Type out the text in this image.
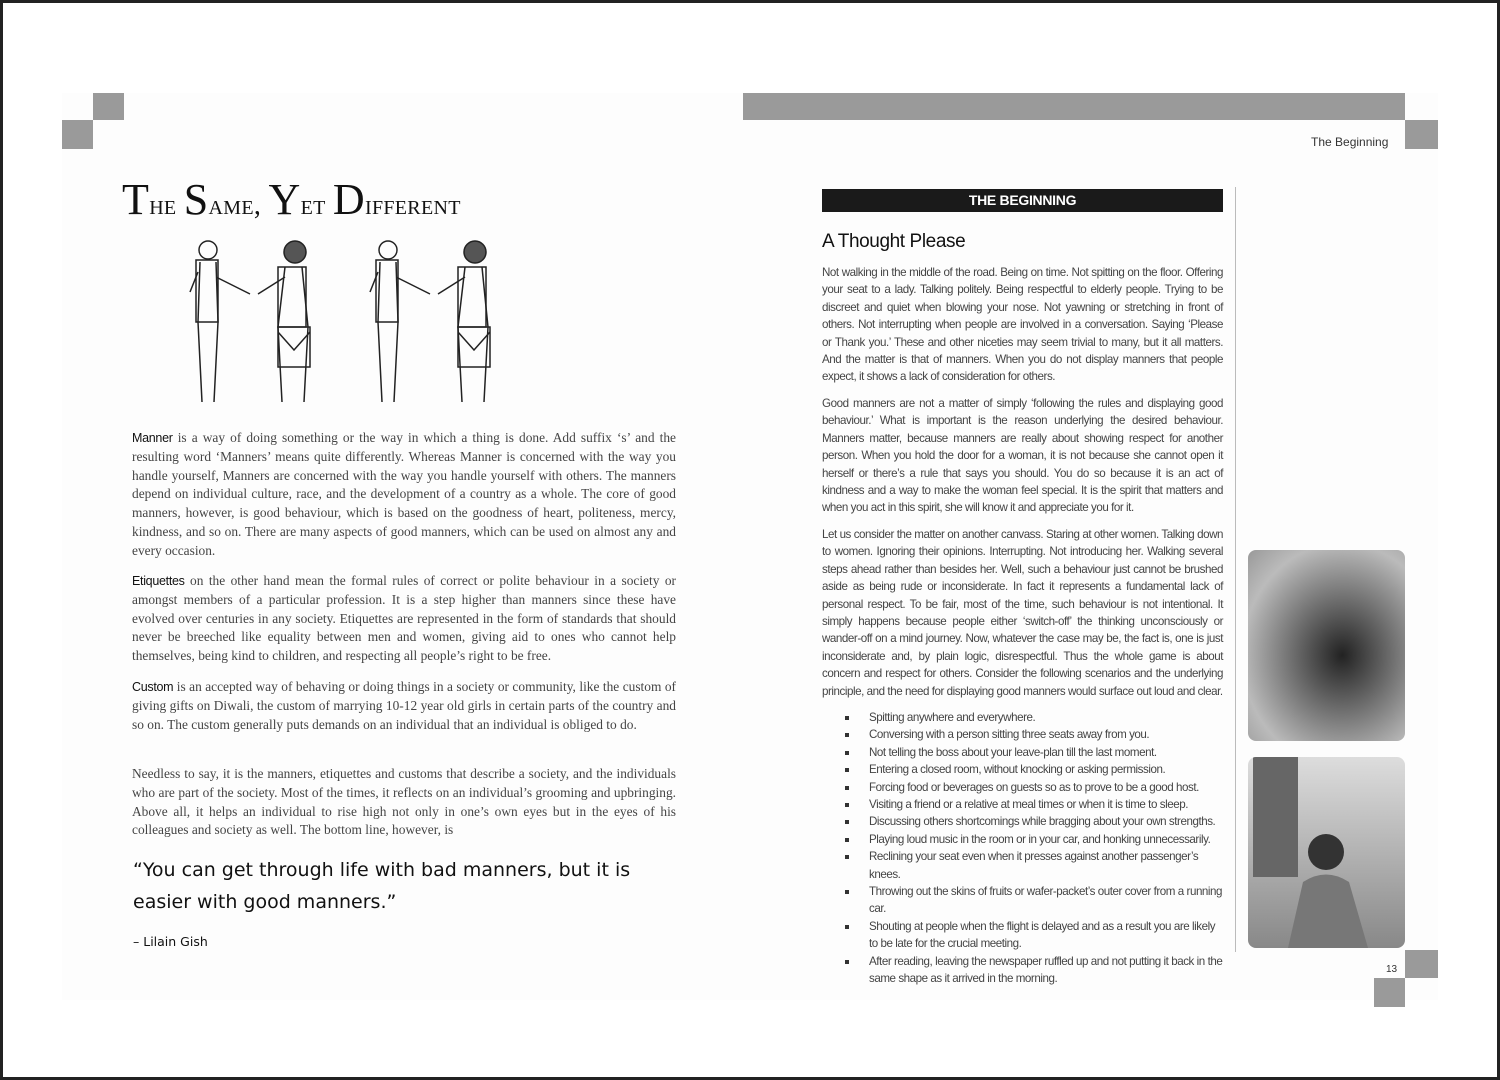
The Same, Yet Different
Manner is a way of doing something or the way in which a thing is done. Add suffix ‘s’ and the resulting word ‘Manners’ means quite differently. Whereas Manner is concerned with the way you handle yourself, Manners are concerned with the way you handle yourself with others. The manners depend on individual culture, race, and the development of a country as a whole. The core of good manners, however, is good behaviour, which is based on the goodness of heart, politeness, mercy, kindness, and so on. There are many aspects of good manners, which can be used on almost any and every occasion.
Etiquettes on the other hand mean the formal rules of correct or polite behaviour in a society or amongst members of a particular profession. It is a step higher than manners since these have evolved over centuries in any society. Etiquettes are represented in the form of standards that should never be breeched like equality between men and women, giving aid to ones who cannot help themselves, being kind to children, and respecting all people’s right to be free.
Custom is an accepted way of behaving or doing things in a society or community, like the custom of giving gifts on Diwali, the custom of marrying 10-12 year old girls in certain parts of the country and so on. The custom generally puts demands on an individual that an individual is obliged to do.
Needless to say, it is the manners, etiquettes and customs that describe a society, and the individuals who are part of the society. Most of the times, it reflects on an individual’s grooming and upbringing. Above all, it helps an individual to rise high not only in one’s own eyes but in the eyes of his colleagues and society as well. The bottom line, however, is
“You can get through life with bad manners, but it is easier with good manners.”
– Lilain Gish
The Beginning
THE BEGINNING
A Thought Please
Not walking in the middle of the road. Being on time. Not spitting on the floor. Offering your seat to a lady. Talking politely. Being respectful to elderly people. Trying to be discreet and quiet when blowing your nose. Not yawning or stretching in front of others. Not interrupting when people are involved in a conversation. Saying ‘Please or Thank you.’ These and other niceties may seem trivial to many, but it all matters. And the matter is that of manners. When you do not display manners that people expect, it shows a lack of consideration for others.
Good manners are not a matter of simply ‘following the rules and displaying good behaviour.’ What is important is the reason underlying the desired behaviour. Manners matter, because manners are really about showing respect for another person. When you hold the door for a woman, it is not because she cannot open it herself or there’s a rule that says you should. You do so because it is an act of kindness and a way to make the woman feel special. It is the spirit that matters and when you act in this spirit, she will know it and appreciate you for it.
Let us consider the matter on another canvass. Staring at other women. Talking down to women. Ignoring their opinions. Interrupting. Not introducing her. Walking several steps ahead rather than besides her. Well, such a behaviour just cannot be brushed aside as being rude or inconsiderate. In fact it represents a fundamental lack of personal respect. To be fair, most of the time, such behaviour is not intentional. It simply happens because people either ‘switch-off’ the thinking unconsciously or wander-off on a mind journey. Now, whatever the case may be, the fact is, one is just inconsiderate and, by plain logic, disrespectful. Thus the whole game is about concern and respect for others. Consider the following scenarios and the underlying principle, and the need for displaying good manners would surface out loud and clear.
Spitting anywhere and everywhere.
Conversing with a person sitting three seats away from you.
Not telling the boss about your leave-plan till the last moment.
Entering a closed room, without knocking or asking permission.
Forcing food or beverages on guests so as to prove to be a good host.
Visiting a friend or a relative at meal times or when it is time to sleep.
Discussing others shortcomings while bragging about your own strengths.
Playing loud music in the room or in your car, and honking unnecessarily.
Reclining your seat even when it presses against another passenger’s knees.
Throwing out the skins of fruits or wafer-packet’s outer cover from a running car.
Shouting at people when the flight is delayed and as a result you are likely to be late for the crucial meeting.
After reading, leaving the newspaper ruffled up and not putting it back in the same shape as it arrived in the morning.
13
